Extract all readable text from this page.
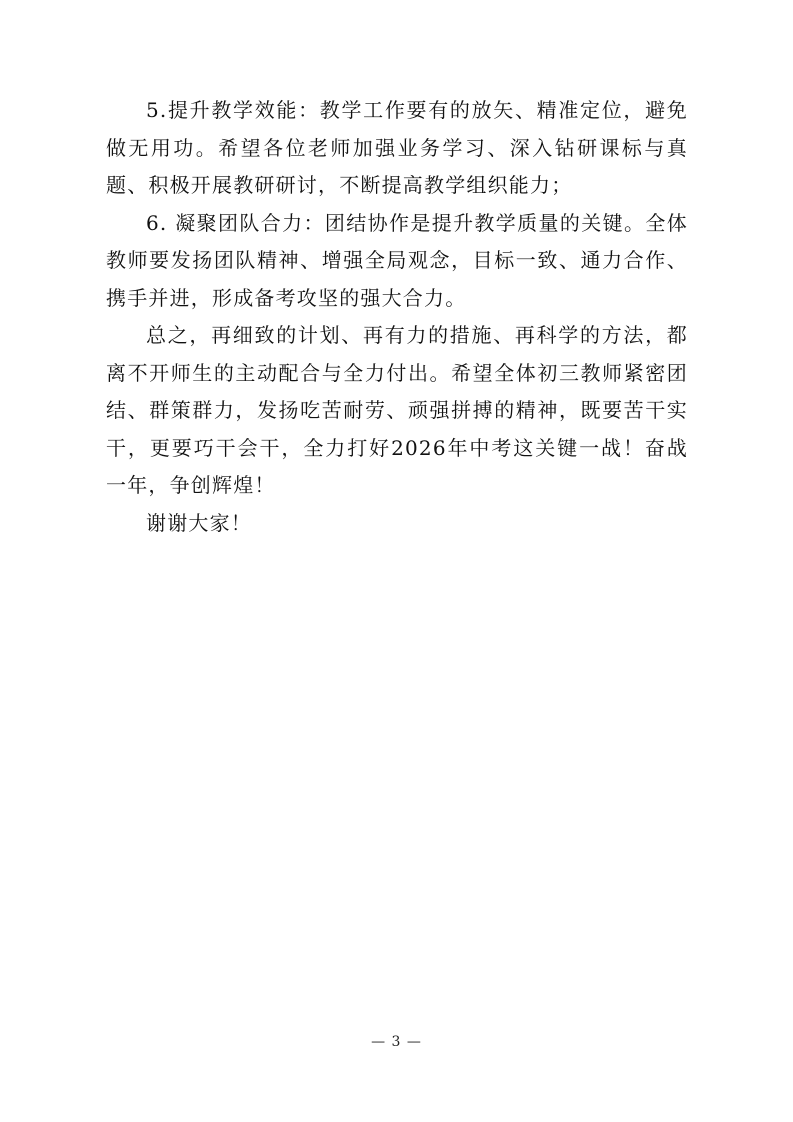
5.提升教学效能：教学工作要有的放矢、精准定位，避免做无用功。希望各位老师加强业务学习、深入钻研课标与真题、积极开展教研研讨，不断提高教学组织能力；

6. 凝聚团队合力：团结协作是提升教学质量的关键。全体教师要发扬团队精神、增强全局观念，目标一致、通力合作、携手并进，形成备考攻坚的强大合力。

总之，再细致的计划、再有力的措施、再科学的方法，都离不开师生的主动配合与全力付出。希望全体初三教师紧密团结、群策群力，发扬吃苦耐劳、顽强拼搏的精神，既要苦干实干，更要巧干会干，全力打好2026年中考这关键一战！奋战一年，争创辉煌！

谢谢大家！

— 3 —
